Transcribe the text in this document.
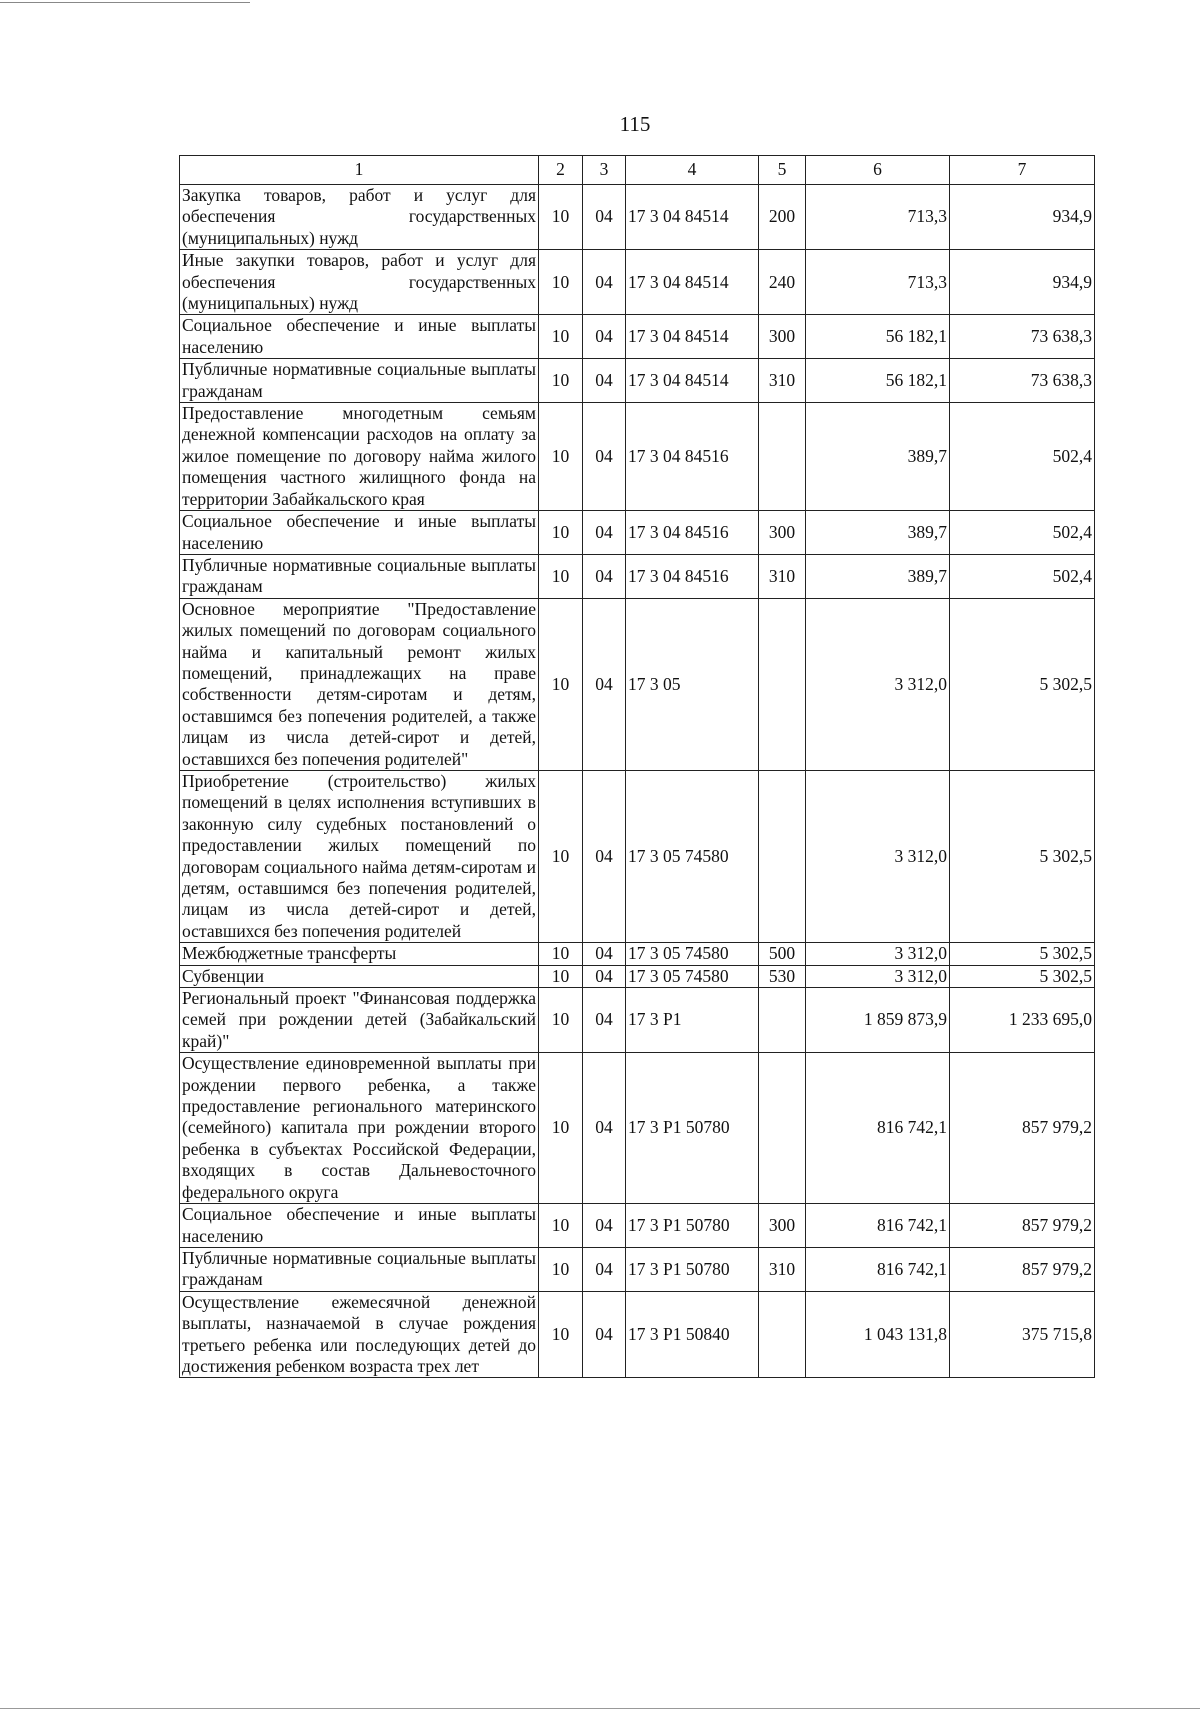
115
1	2	3	4	5	6	7
Закупка товаров, работ и услуг для обеспечения государственных (муниципальных) нужд	10	04	17 3 04 84514	200	713,3	934,9
Иные закупки товаров, работ и услуг для обеспечения государственных (муниципальных) нужд	10	04	17 3 04 84514	240	713,3	934,9
Социальное обеспечение и иные выплаты населению	10	04	17 3 04 84514	300	56 182,1	73 638,3
Публичные нормативные социальные выплаты гражданам	10	04	17 3 04 84514	310	56 182,1	73 638,3
Предоставление многодетным семьям денежной компенсации расходов на оплату за жилое помещение по договору найма жилого помещения частного жилищного фонда на территории Забайкальского края	10	04	17 3 04 84516		389,7	502,4
Социальное обеспечение и иные выплаты населению	10	04	17 3 04 84516	300	389,7	502,4
Публичные нормативные социальные выплаты гражданам	10	04	17 3 04 84516	310	389,7	502,4
Основное мероприятие "Предоставление жилых помещений по договорам социального найма и капитальный ремонт жилых помещений, принадлежащих на праве собственности детям-сиротам и детям, оставшимся без попечения родителей, а также лицам из числа детей-сирот и детей, оставшихся без попечения родителей"	10	04	17 3 05		3 312,0	5 302,5
Приобретение (строительство) жилых помещений в целях исполнения вступивших в законную силу судебных постановлений о предоставлении жилых помещений по договорам социального найма детям-сиротам и детям, оставшимся без попечения родителей, лицам из числа детей-сирот и детей, оставшихся без попечения родителей	10	04	17 3 05 74580		3 312,0	5 302,5
Межбюджетные трансферты	10	04	17 3 05 74580	500	3 312,0	5 302,5
Субвенции	10	04	17 3 05 74580	530	3 312,0	5 302,5
Региональный проект "Финансовая поддержка семей при рождении детей (Забайкальский край)"	10	04	17 3 P1		1 859 873,9	1 233 695,0
Осуществление единовременной выплаты при рождении первого ребенка, а также предоставление регионального материнского (семейного) капитала при рождении второго ребенка в субъектах Российской Федерации, входящих в состав Дальневосточного федерального округа	10	04	17 3 P1 50780		816 742,1	857 979,2
Социальное обеспечение и иные выплаты населению	10	04	17 3 P1 50780	300	816 742,1	857 979,2
Публичные нормативные социальные выплаты гражданам	10	04	17 3 P1 50780	310	816 742,1	857 979,2
Осуществление ежемесячной денежной выплаты, назначаемой в случае рождения третьего ребенка или последующих детей до достижения ребенком возраста трех лет	10	04	17 3 P1 50840		1 043 131,8	375 715,8
